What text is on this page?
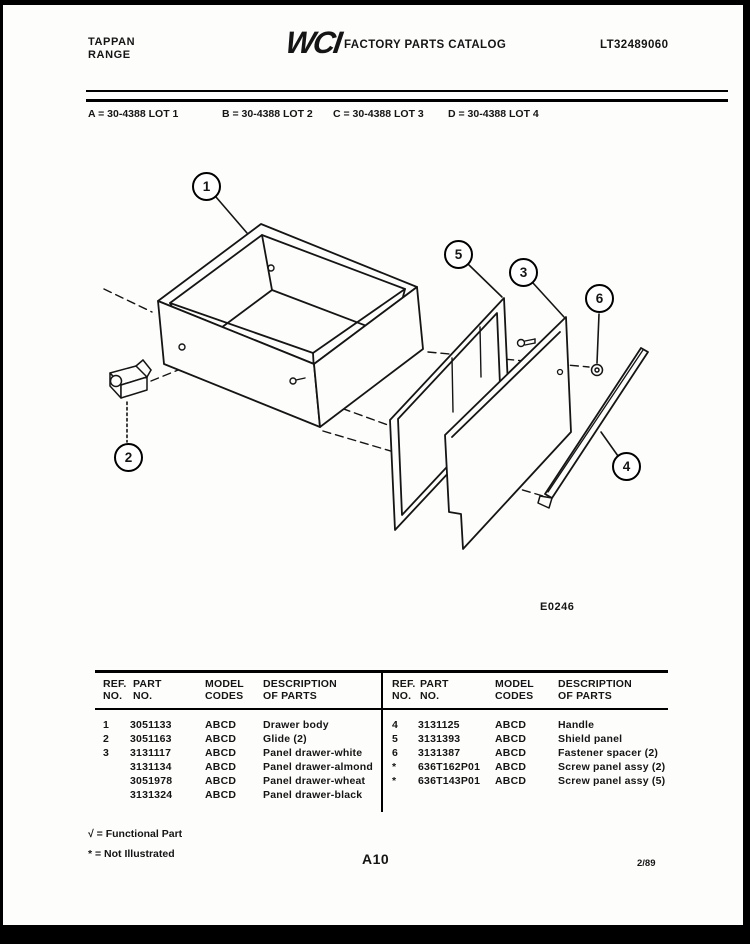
TAPPAN
RANGE	WCI FACTORY PARTS CATALOG	LT32489060
A = 30-4388 LOT 1	B = 30-4388 LOT 2 C = 30-4388 LOT 3 D = 30-4388 LOT 4
1
2
3
4
5
6
E0246
REF.
NO.
PART
NO.
MODEL
CODES
DESCRIPTION
OF PARTS
1	3051133	ABCD	Drawer body
2	3051163	ABCD	Glide (2)
3	3131117	ABCD	Panel drawer-white
3131134	ABCD	Panel drawer-almond
3051978	ABCD	Panel drawer-wheat
3131324	ABCD	Panel drawer-black
REF.
NO.
PART
NO.
MODEL
CODES
DESCRIPTION
OF PARTS
4	3131125	ABCD	Handle
5	3131393	ABCD	Shield panel
6	3131387	ABCD	Fastener spacer (2)
*	636T162P01	ABCD	Screw panel assy (2)
*	636T143P01	ABCD	Screw panel assy (5)
√ = Functional Part
* = Not Illustrated	A10	2/89
